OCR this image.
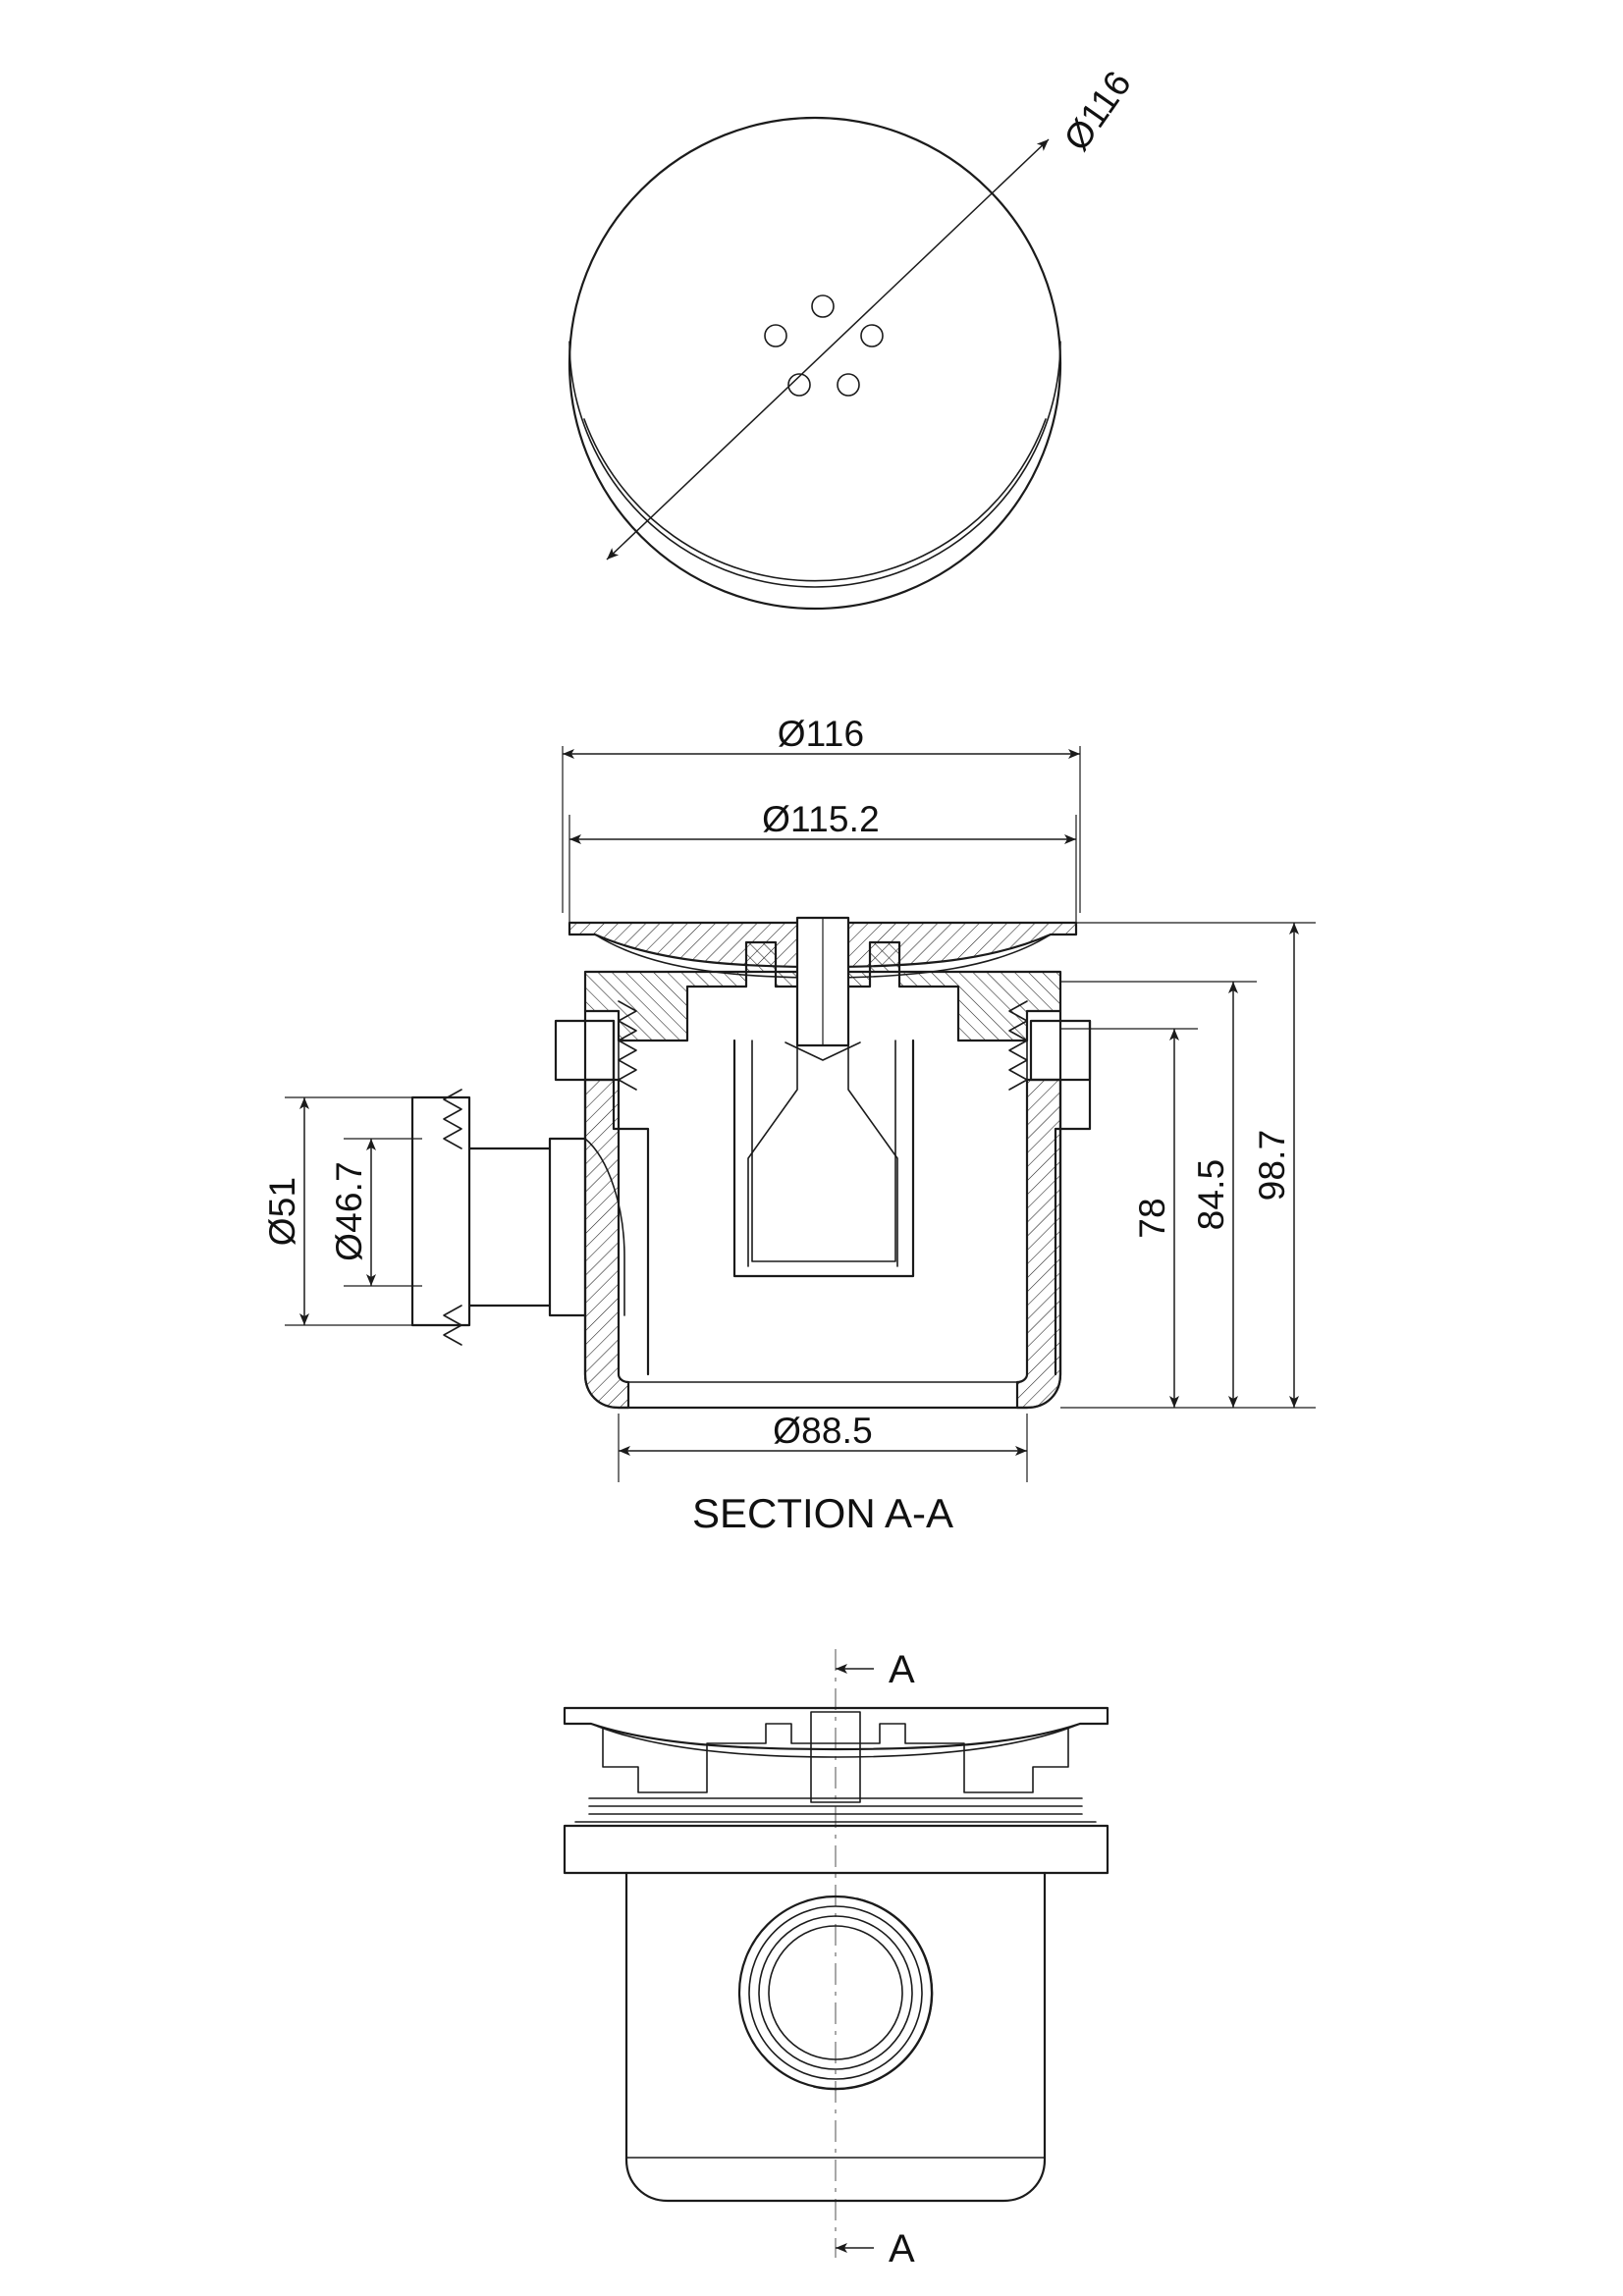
Ø116
Ø116
Ø115.2
Ø51 Ø46.7	78 84.5 98.7
Ø88.5
SECTION A-A
A
A
